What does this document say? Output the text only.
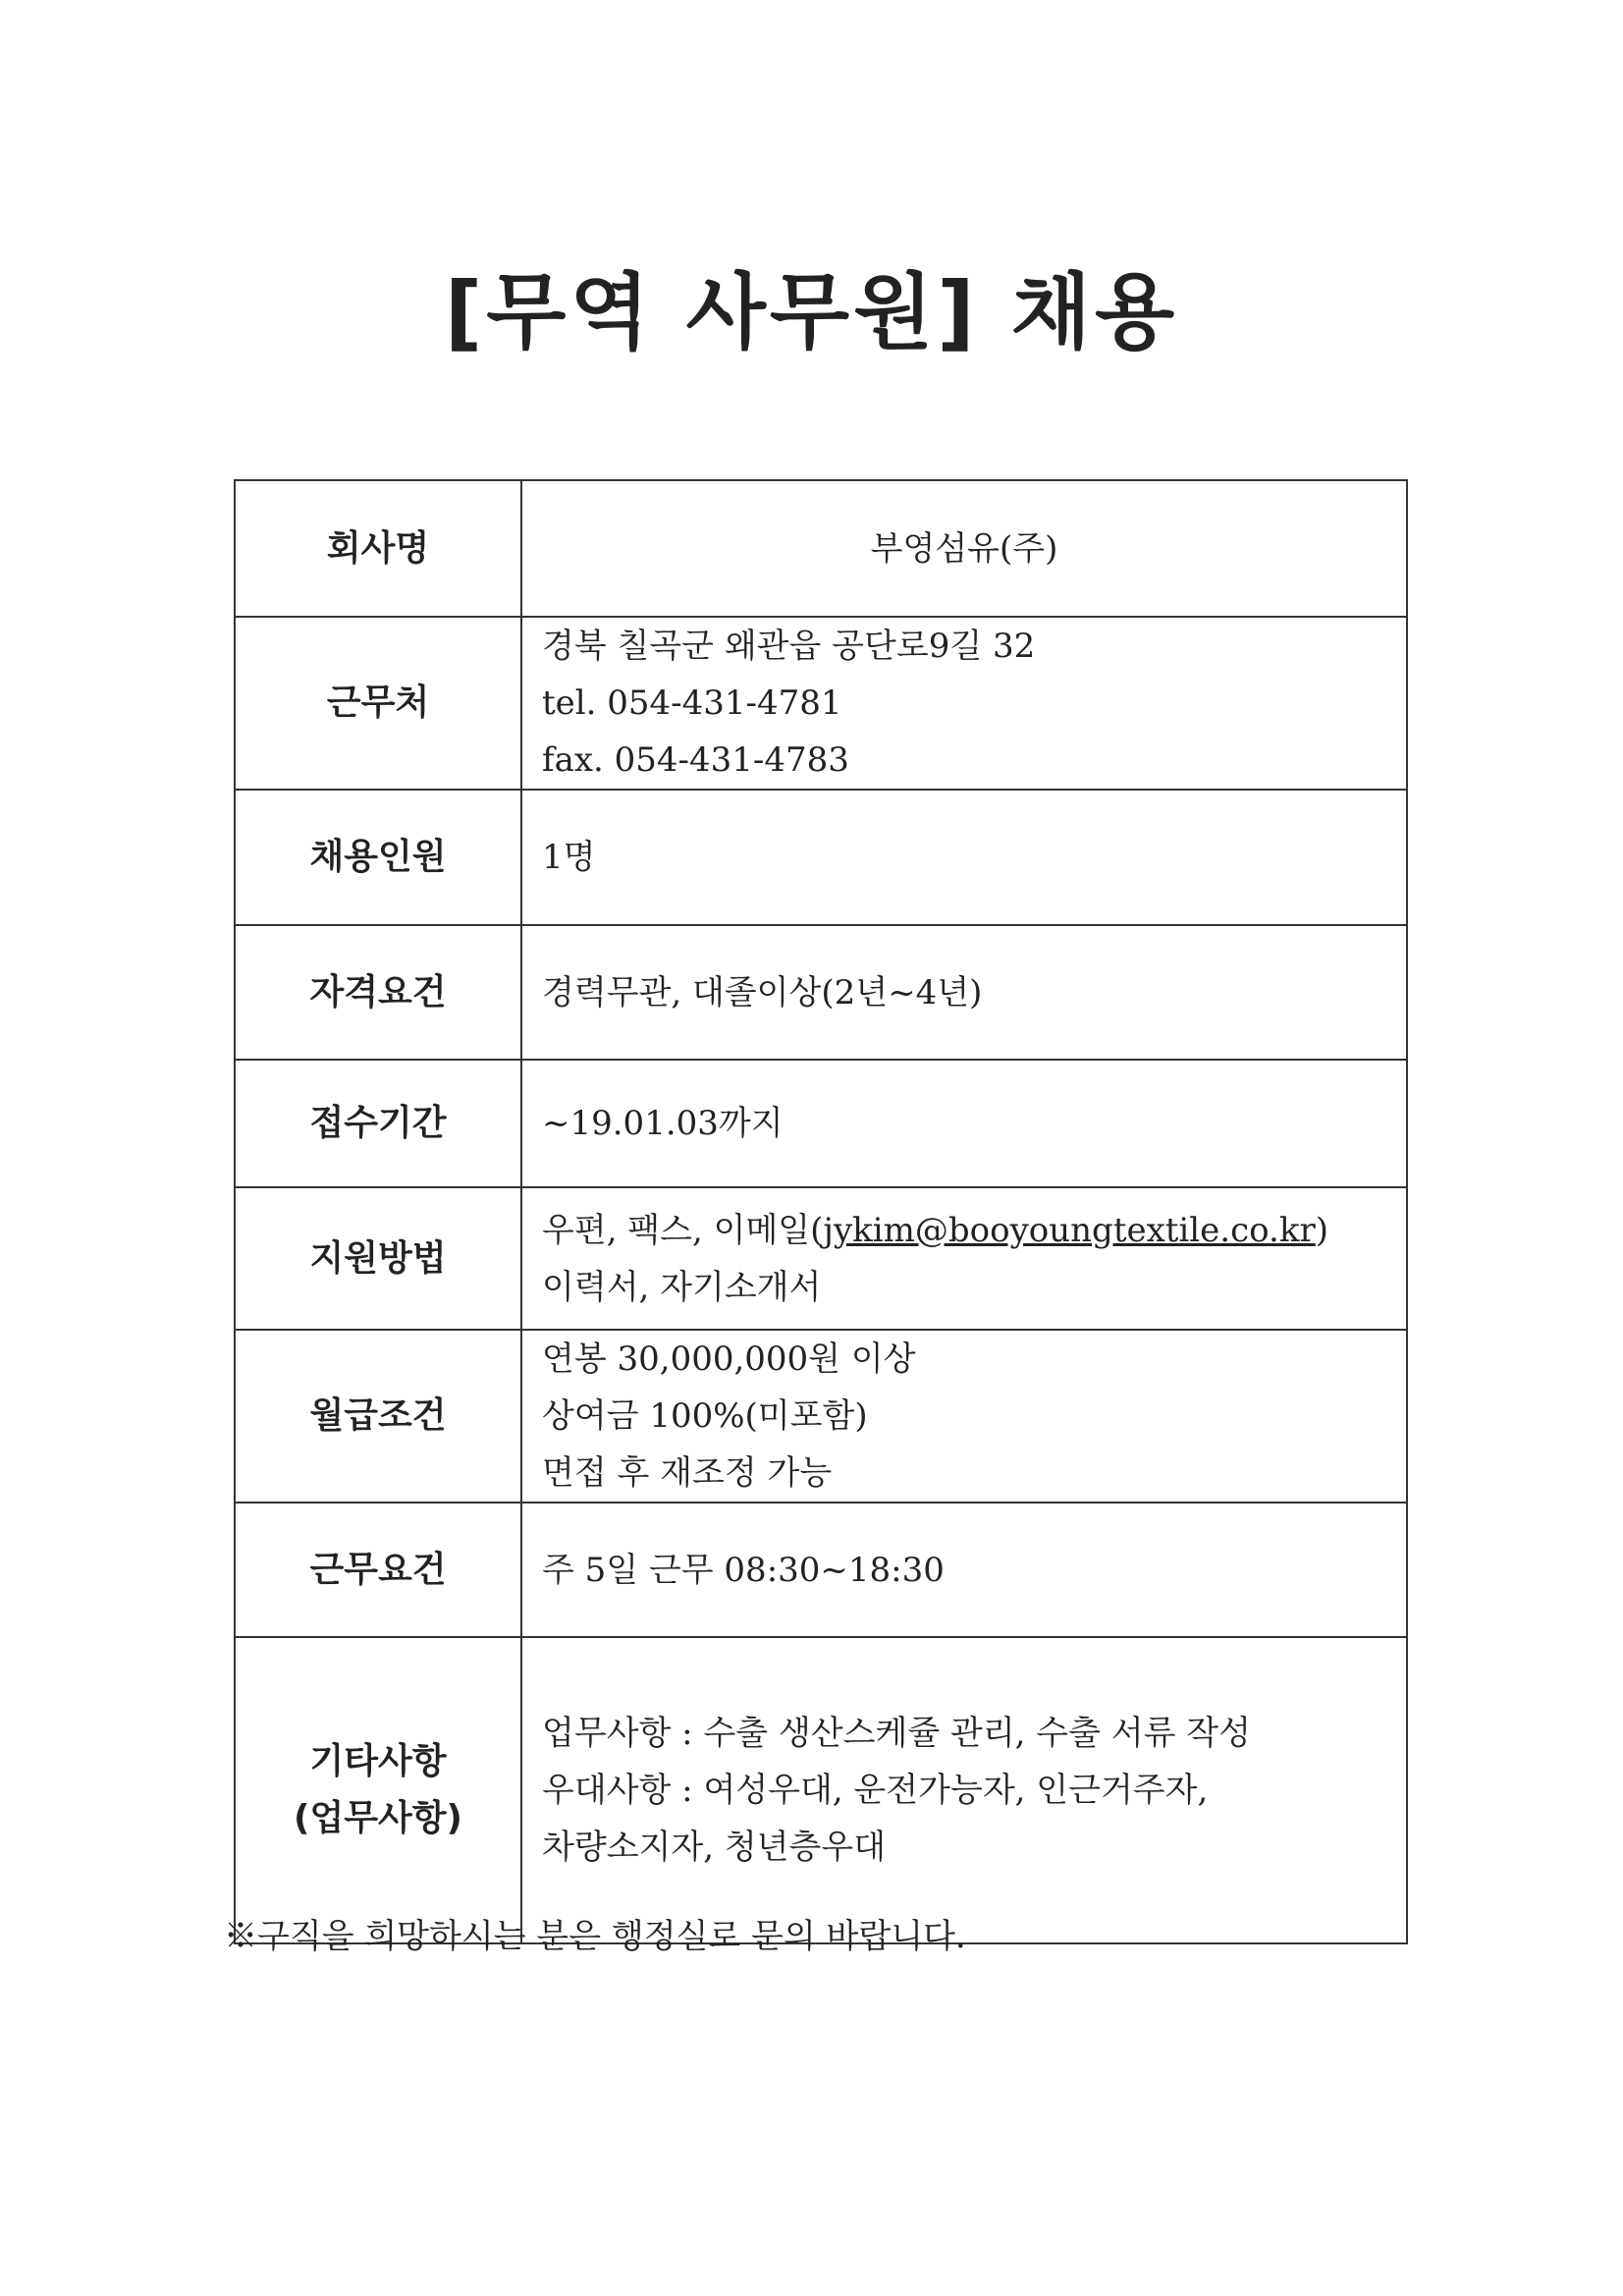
[무역 사무원] 채용
회사명	부영섬유(주)

근무처	경북 칠곡군 왜관읍 공단로9길 32
tel. 054-431-4781
fax. 054-431-4783

채용인원	1명

자격요건	경력무관, 대졸이상(2년~4년)

접수기간	~19.01.03까지

지원방법	우편, 팩스, 이메일(jykim@booyoungtextile.co.kr)
이력서, 자기소개서

월급조건	연봉 30,000,000원 이상
상여금 100%(미포함)
면접 후 재조정 가능

근무요건	주 5일 근무 08:30~18:30

기타사항
(업무사항)	업무사항 : 수출 생산스케쥴 관리, 수출 서류 작성
우대사항 : 여성우대, 운전가능자, 인근거주자,
차량소지자, 청년층우대
※구직을 희망하시는 분은 행정실로 문의 바랍니다.
